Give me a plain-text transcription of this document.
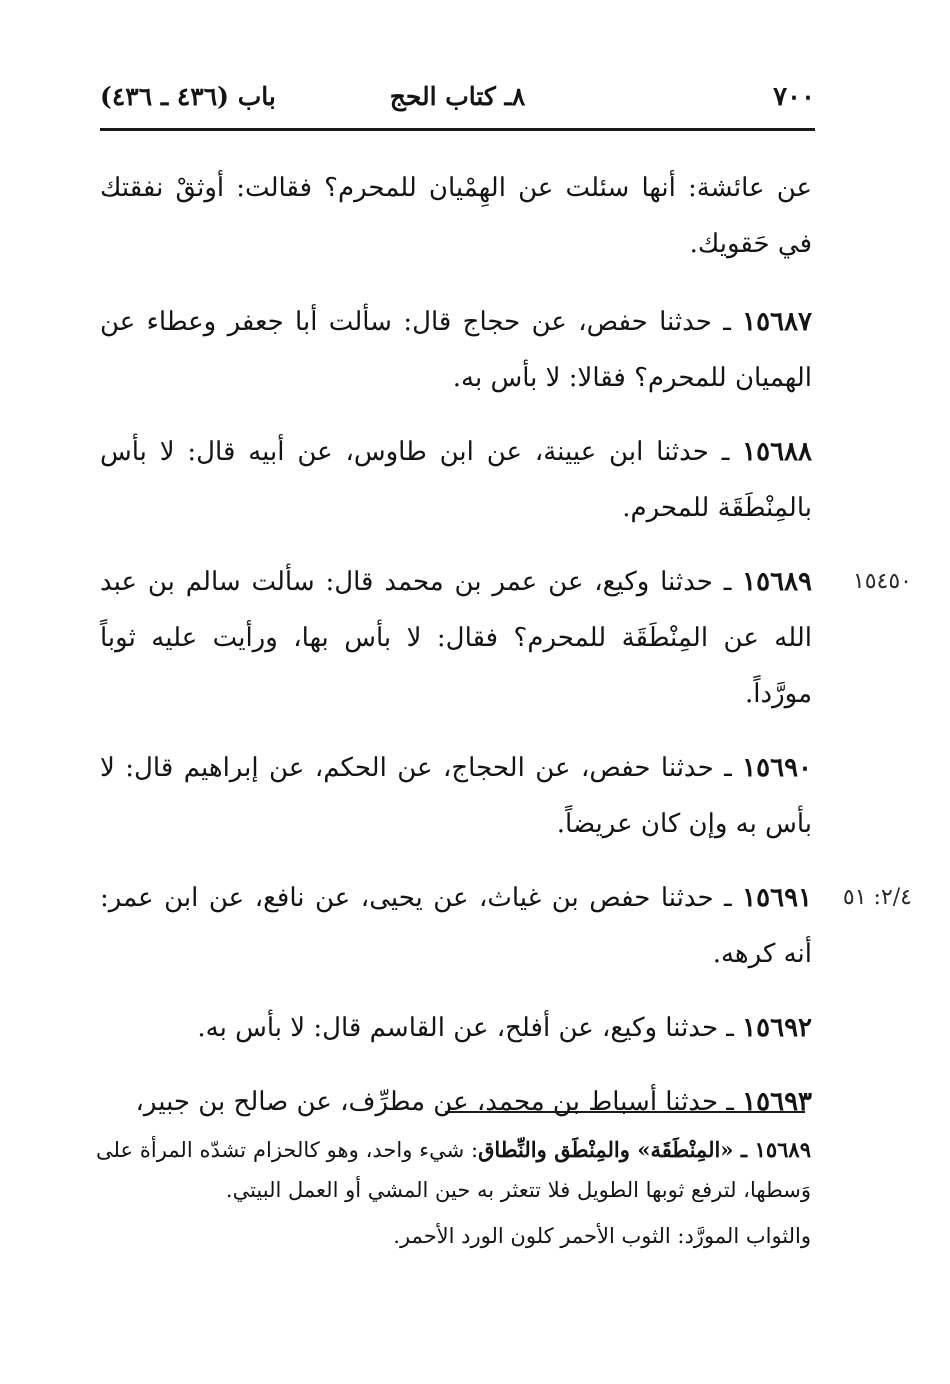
٧٠٠
٨ـ كتاب الحج
باب (٤٣٦ ـ ٤٣٦)

عن عائشة: أنها سئلت عن الهِمْيان للمحرم؟ فقالت: أوثقْ نفقتك في حَقويك.

١٥٦٨٧ ـ حدثنا حفص، عن حجاج قال: سألت أبا جعفر وعطاء عن الهميان للمحرم؟ فقالا: لا بأس به.

١٥٦٨٨ ـ حدثنا ابن عيينة، عن ابن طاوس، عن أبيه قال: لا بأس بالمِنْطَقَة للمحرم.

١٥٤٥٠
١٥٦٨٩ ـ حدثنا وكيع، عن عمر بن محمد قال: سألت سالم بن عبد الله عن المِنْطَقَة للمحرم؟ فقال: لا بأس بها، ورأيت عليه ثوباً مورَّداً.

١٥٦٩٠ ـ حدثنا حفص، عن الحجاج، عن الحكم، عن إبراهيم قال: لا بأس به وإن كان عريضاً.

٢/٤: ٥١
١٥٦٩١ ـ حدثنا حفص بن غياث، عن يحيى، عن نافع، عن ابن عمر: أنه كرهه.

١٥٦٩٢ ـ حدثنا وكيع، عن أفلح، عن القاسم قال: لا بأس به.

١٥٦٩٣ ـ حدثنا أسباط بن محمد، عن مطرِّف، عن صالح بن جبير،

١٥٦٨٩ ـ «المِنْطَقَة» والمِنْطَق والنِّطاق: شيء واحد، وهو كالحزام تشدّه المرأة على وَسطها، لترفع ثوبها الطويل فلا تتعثر به حين المشي أو العمل البيتي.

والثواب المورَّد: الثوب الأحمر كلون الورد الأحمر.
